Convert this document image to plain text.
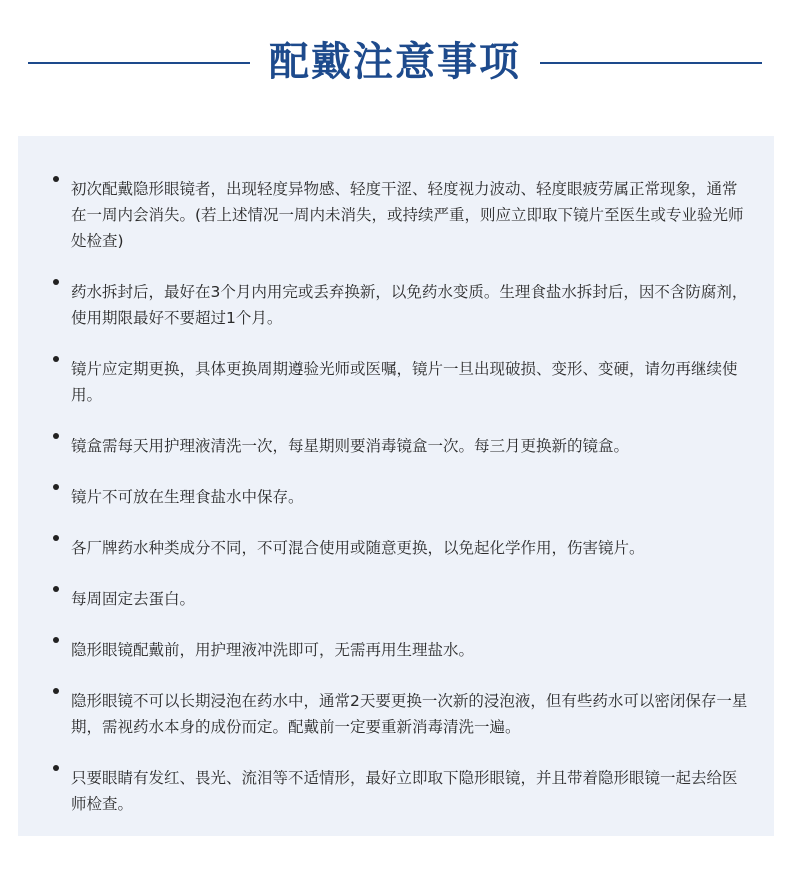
配戴注意事项
初次配戴隐形眼镜者，出现轻度异物感、轻度干涩、轻度视力波动、轻度眼疲劳属正常现象，通常在一周内会消失。(若上述情况一周内未消失，或持续严重，则应立即取下镜片至医生或专业验光师处检查)
药水拆封后，最好在3个月内用完或丢弃换新，以免药水变质。生理食盐水拆封后，因不含防腐剂，使用期限最好不要超过1个月。
镜片应定期更换，具体更换周期遵验光师或医嘱，镜片一旦出现破损、变形、变硬，请勿再继续使用。
镜盒需每天用护理液清洗一次，每星期则要消毒镜盒一次。每三月更换新的镜盒。
镜片不可放在生理食盐水中保存。
各厂牌药水种类成分不同，不可混合使用或随意更换，以免起化学作用，伤害镜片。
每周固定去蛋白。
隐形眼镜配戴前，用护理液冲洗即可，无需再用生理盐水。
隐形眼镜不可以长期浸泡在药水中，通常2天要更换一次新的浸泡液，但有些药水可以密闭保存一星期，需视药水本身的成份而定。配戴前一定要重新消毒清洗一遍。
只要眼睛有发红、畏光、流泪等不适情形，最好立即取下隐形眼镜，并且带着隐形眼镜一起去给医师检查。
